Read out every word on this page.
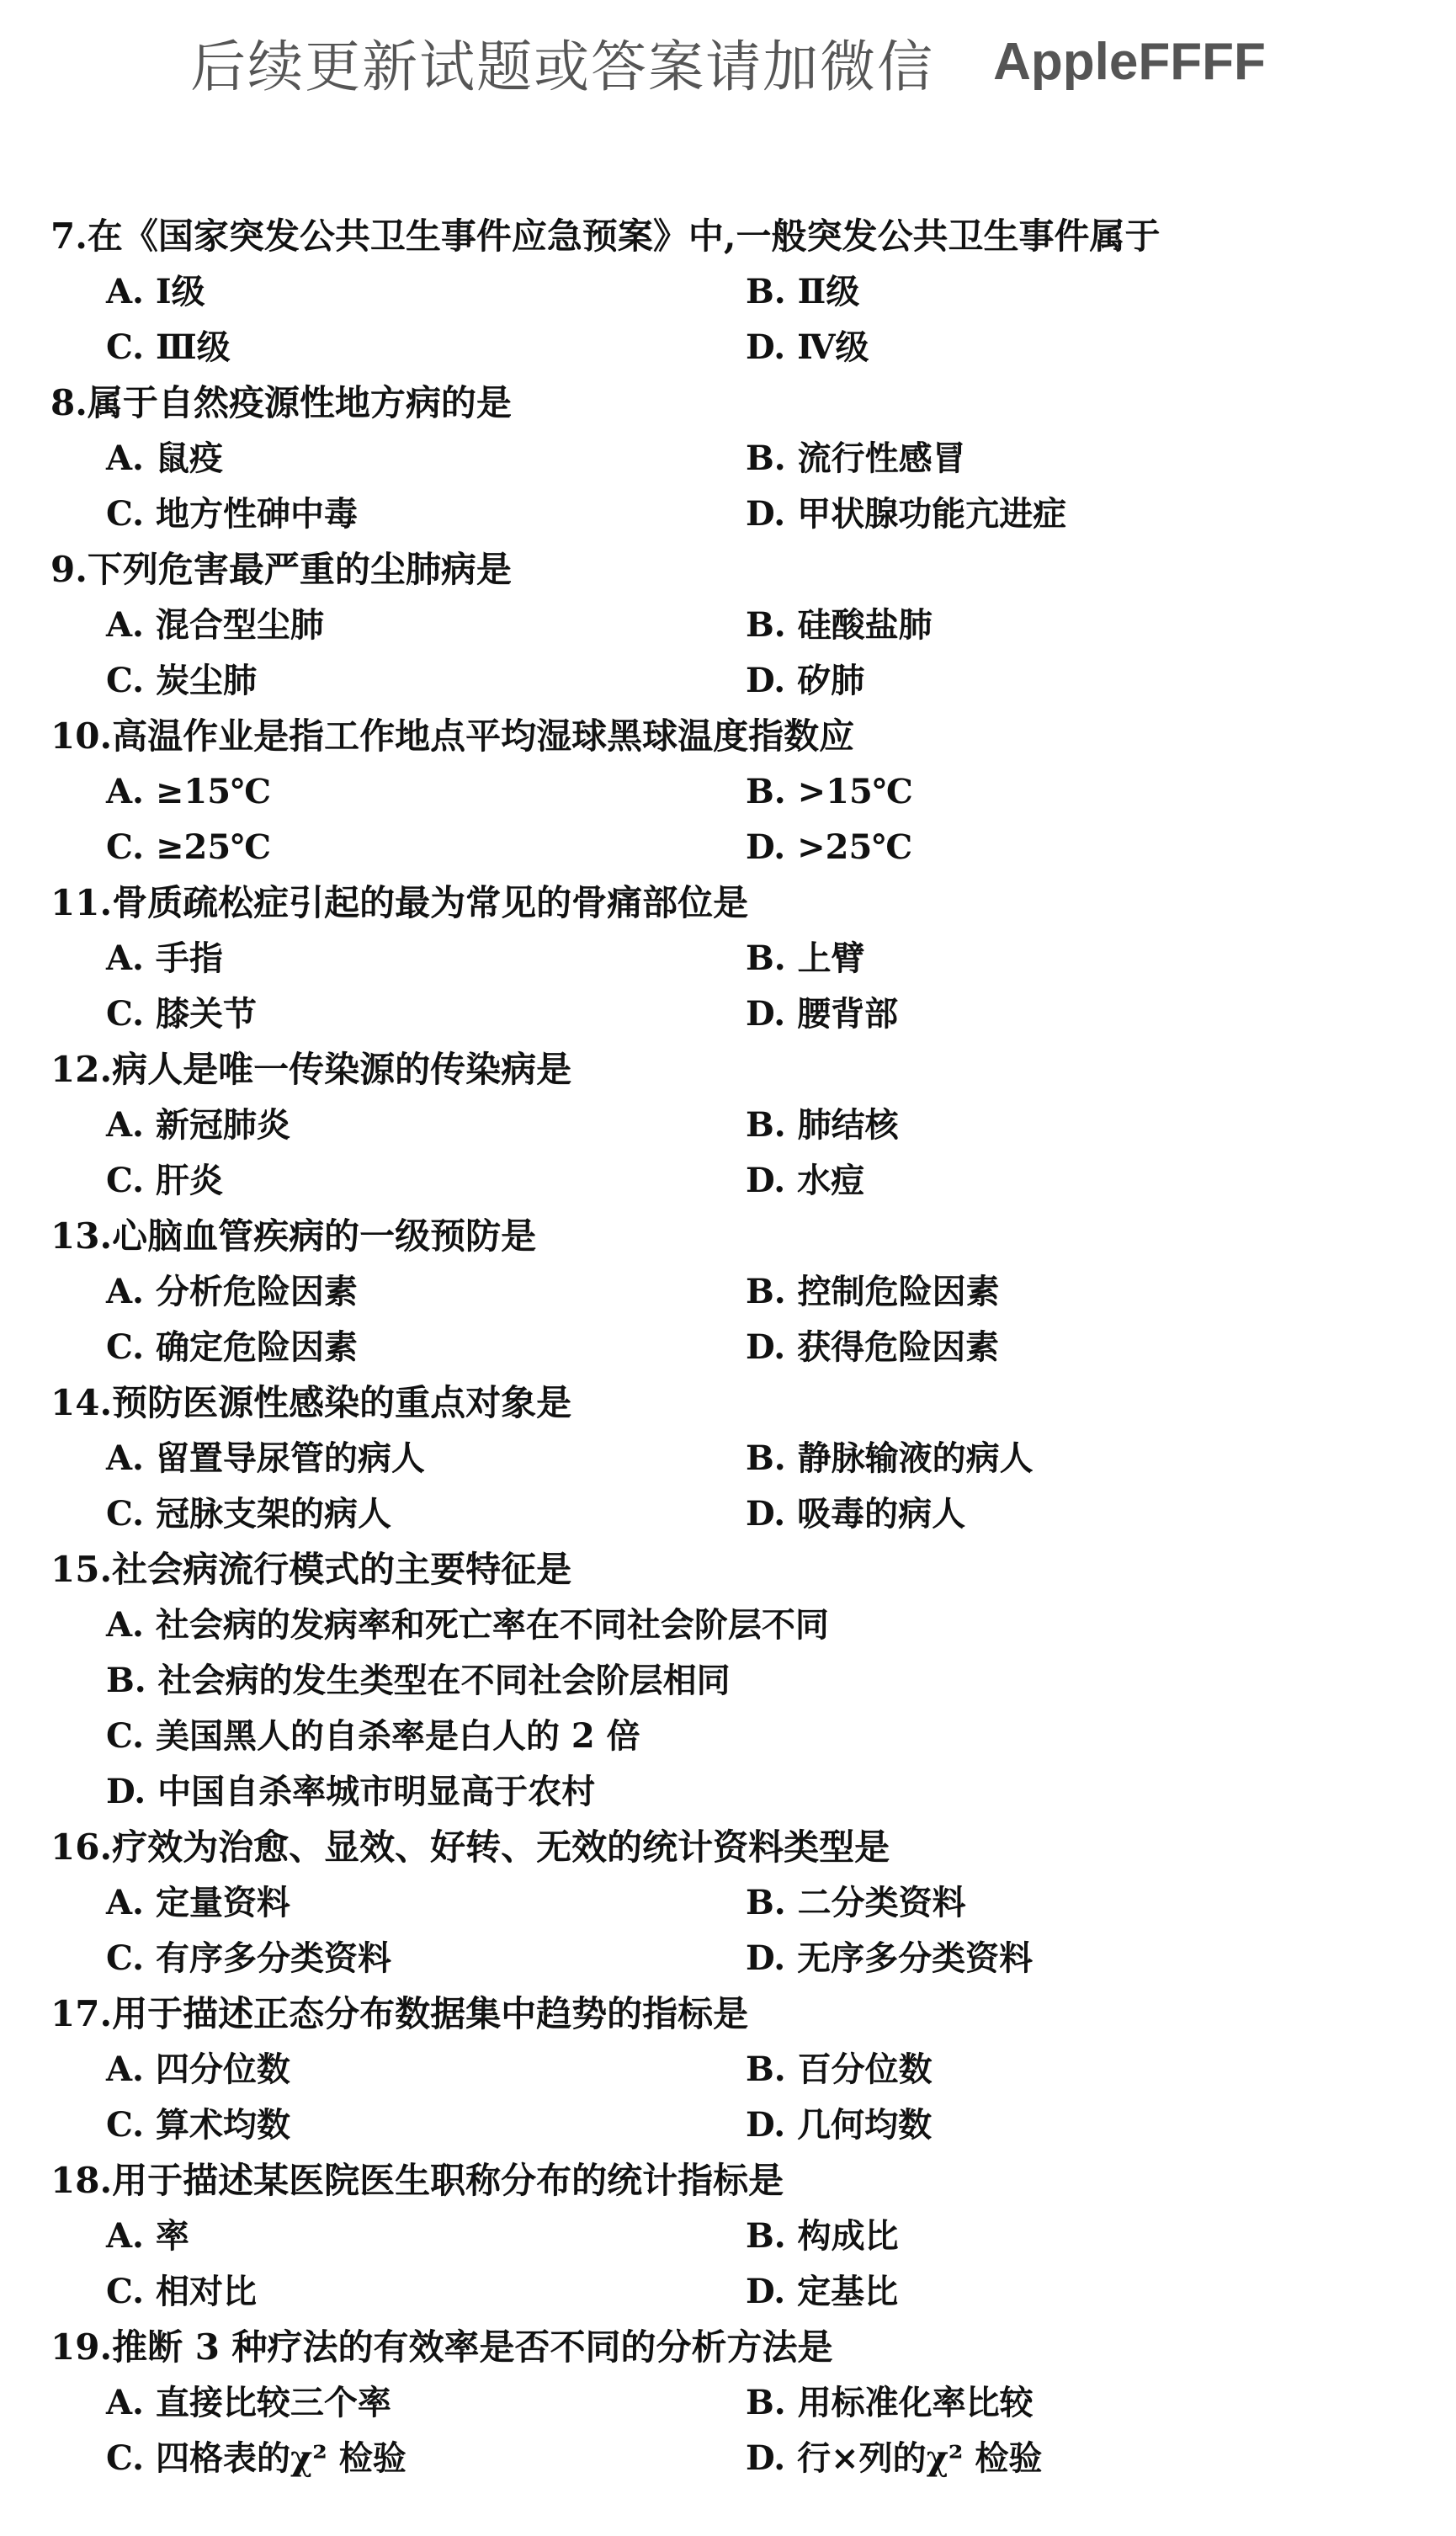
后续更新试题或答案请加微信 AppleFFFF
7.在《国家突发公共卫生事件应急预案》中,一般突发公共卫生事件属于
A. Ⅰ级	B. Ⅱ级
C. Ⅲ级	D. Ⅳ级
8.属于自然疫源性地方病的是
A. 鼠疫	B. 流行性感冒
C. 地方性砷中毒	D. 甲状腺功能亢进症
9.下列危害最严重的尘肺病是
A. 混合型尘肺	B. 硅酸盐肺
C. 炭尘肺	D. 矽肺
10.高温作业是指工作地点平均湿球黑球温度指数应
A. ≥15℃	B. >15℃
C. ≥25℃	D. >25℃
11.骨质疏松症引起的最为常见的骨痛部位是
A. 手指	B. 上臂
C. 膝关节	D. 腰背部
12.病人是唯一传染源的传染病是
A. 新冠肺炎	B. 肺结核
C. 肝炎	D. 水痘
13.心脑血管疾病的一级预防是
A. 分析危险因素	B. 控制危险因素
C. 确定危险因素	D. 获得危险因素
14.预防医源性感染的重点对象是
A. 留置导尿管的病人	B. 静脉输液的病人
C. 冠脉支架的病人	D. 吸毒的病人
15.社会病流行模式的主要特征是
A. 社会病的发病率和死亡率在不同社会阶层不同
B. 社会病的发生类型在不同社会阶层相同
C. 美国黑人的自杀率是白人的 2 倍
D. 中国自杀率城市明显高于农村
16.疗效为治愈、显效、好转、无效的统计资料类型是
A. 定量资料	B. 二分类资料
C. 有序多分类资料	D. 无序多分类资料
17.用于描述正态分布数据集中趋势的指标是
A. 四分位数	B. 百分位数
C. 算术均数	D. 几何均数
18.用于描述某医院医生职称分布的统计指标是
A. 率	B. 构成比
C. 相对比	D. 定基比
19.推断 3 种疗法的有效率是否不同的分析方法是
A. 直接比较三个率	B. 用标准化率比较
C. 四格表的χ² 检验	D. 行×列的χ² 检验
